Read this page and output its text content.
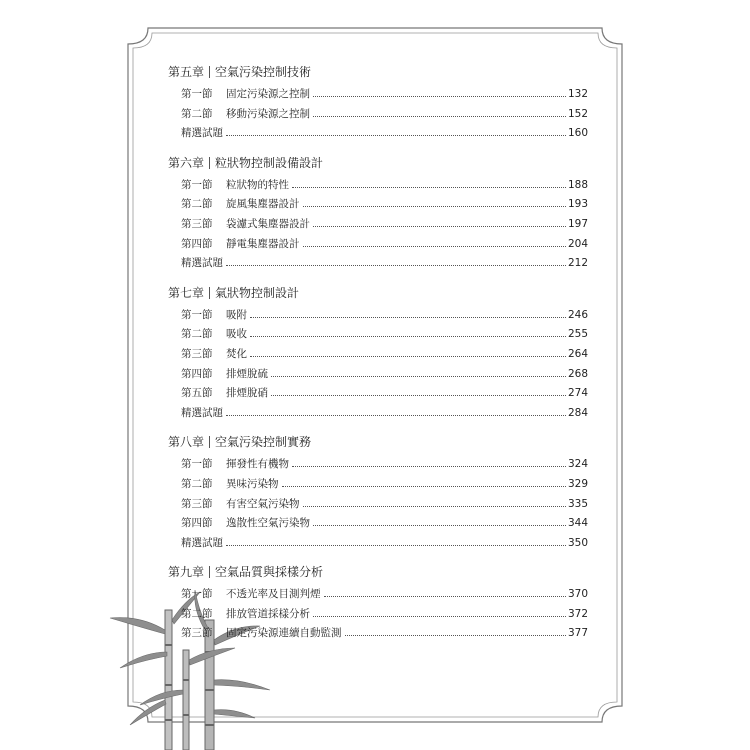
第五章 空氣污染控制技術
第一節	固定污染源之控制	132
第二節	移動污染源之控制	152
精選試題	160
第六章 粒狀物控制設備設計
第一節	粒狀物的特性	188
第二節	旋風集塵器設計	193
第三節	袋濾式集塵器設計	197
第四節	靜電集塵器設計	204
精選試題	212
第七章 氣狀物控制設計
第一節	吸附	246
第二節	吸收	255
第三節	焚化	264
第四節	排煙脫硫	268
第五節	排煙脫硝	274
精選試題	284
第八章 空氣污染控制實務
第一節	揮發性有機物	324
第二節	異味污染物	329
第三節	有害空氣污染物	335
第四節	逸散性空氣污染物	344
精選試題	350
第九章 空氣品質與採樣分析
第一節	不透光率及目測判煙	370
第二節	排放管道採樣分析	372
第三節	固定污染源連續自動監測	377
